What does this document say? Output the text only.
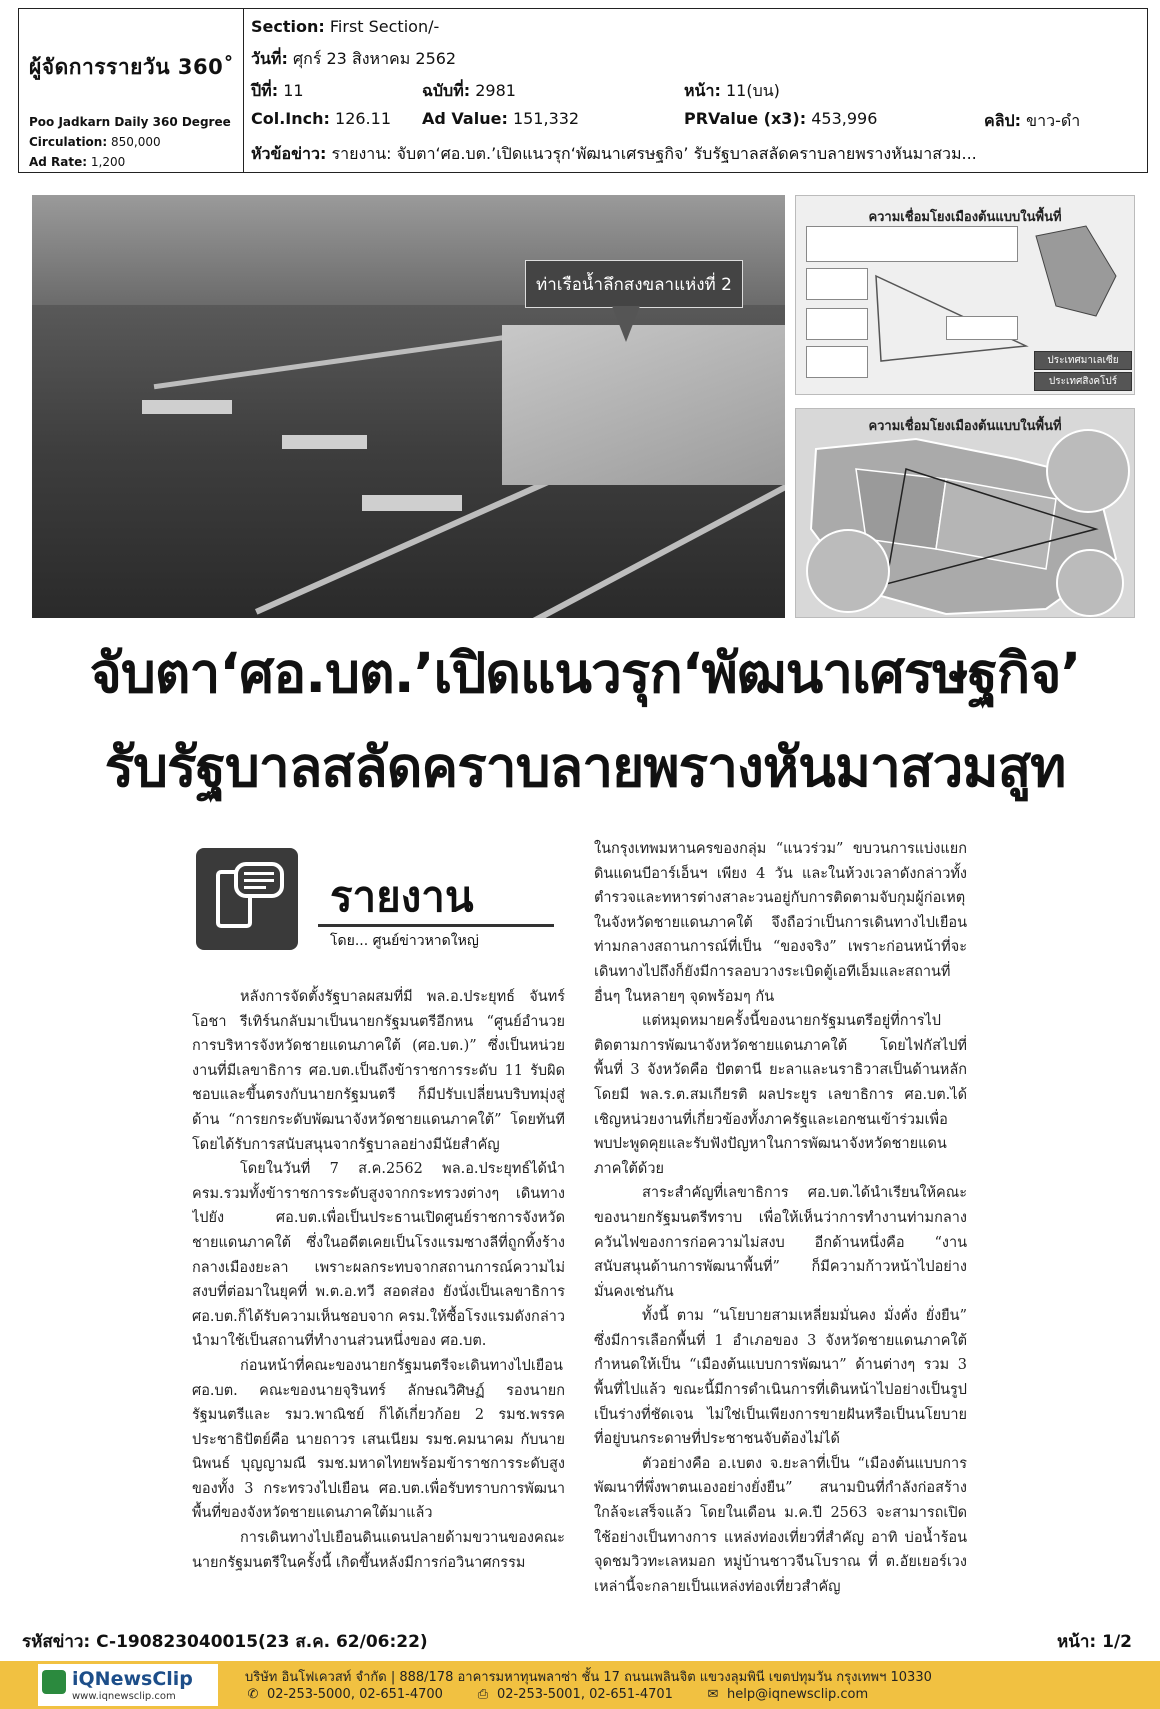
ผู้จัดการรายวัน 360˚
Poo Jadkarn Daily 360 Degree
Circulation: 850,000
Ad Rate: 1,200
Section: First Section/-
วันที่: ศุกร์ 23 สิงหาคม 2562
ปีที่: 11	ฉบับที่: 2981	หน้า: 11(บน)
Col.Inch: 126.11 Ad Value: 151,332	PRValue (x3): 453,996	คลิป: ขาว-ดำ
หัวข้อข่าว: รายงาน: จับตา‘ศอ.บต.’เปิดแนวรุก‘พัฒนาเศรษฐกิจ’ รับรัฐบาลสลัดคราบลายพรางหันมาสวม...
ท่าเรือน้ำลึกสงขลาแห่งที่ 2
ความเชื่อมโยงเมืองต้นแบบในพื้นที่
ประเทศมาเลเซีย
ประเทศสิงคโปร์
ความเชื่อมโยงเมืองต้นแบบในพื้นที่
จับตา‘ศอ.บต.’เปิดแนวรุก‘พัฒนาเศรษฐกิจ’
รับรัฐบาลสลัดคราบลายพรางหันมาสวมสูท
รายงาน
โดย... ศูนย์ข่าวหาดใหญ่

หลังการจัดตั้งรัฐบาลผสมที่มี พล.อ.ประยุทธ์ จันทร์โอชา รีเทิร์นกลับมาเป็นนายกรัฐมนตรีอีกหน “ศูนย์อำนวยการบริหารจังหวัดชายแดนภาคใต้ (ศอ.บต.)” ซึ่งเป็นหน่วยงานที่มีเลขาธิการ ศอ.บต.เป็นถึงข้าราชการระดับ 11 รับผิดชอบและขึ้นตรงกับนายกรัฐมนตรี ก็มีปรับเปลี่ยนบริบทมุ่งสู่ด้าน “การยกระดับพัฒนาจังหวัดชายแดนภาคใต้” โดยทันทีโดยได้รับการสนับสนุนจากรัฐบาลอย่างมีนัยสำคัญ

โดยในวันที่ 7 ส.ค.2562 พล.อ.ประยุทธ์ได้นำ ครม.รวมทั้งข้าราชการระดับสูงจากกระทรวงต่างๆ เดินทางไปยัง ศอ.บต.เพื่อเป็นประธานเปิดศูนย์ราชการจังหวัดชายแดนภาคใต้ ซึ่งในอดีตเคยเป็นโรงแรมซางลีที่ถูกทิ้งร้างกลางเมืองยะลา เพราะผลกระทบจากสถานการณ์ความไม่สงบที่ต่อมาในยุคที่ พ.ต.อ.ทวี สอดส่อง ยังนั่งเป็นเลขาธิการ ศอ.บต.ก็ได้รับความเห็นชอบจาก ครม.ให้ซื้อโรงแรมดังกล่าวนำมาใช้เป็นสถานที่ทำงานส่วนหนึ่งของ ศอ.บต.

ก่อนหน้าที่คณะของนายกรัฐมนตรีจะเดินทางไปเยือน ศอ.บต. คณะของนายจุรินทร์ ลักษณวิศิษฏ์ รองนายกรัฐมนตรีและ รมว.พาณิชย์ ก็ได้เกี่ยวก้อย 2 รมช.พรรคประชาธิปัตย์คือ นายถาวร เสนเนียม รมช.คมนาคม กับนายนิพนธ์ บุญญามณี รมช.มหาดไทยพร้อมข้าราชการระดับสูงของทั้ง 3 กระทรวงไปเยือน ศอ.บต.เพื่อรับทราบการพัฒนาพื้นที่ของจังหวัดชายแดนภาคใต้มาแล้ว

การเดินทางไปเยือนดินแดนปลายด้ามขวานของคณะนายกรัฐมนตรีในครั้งนี้ เกิดขึ้นหลังมีการก่อวินาศกรรม

ในกรุงเทพมหานครของกลุ่ม “แนวร่วม” ขบวนการแบ่งแยกดินแดนบีอาร์เอ็นฯ เพียง 4 วัน และในห้วงเวลาดังกล่าวทั้งตำรวจและทหารต่างสาละวนอยู่กับการติดตามจับกุมผู้ก่อเหตุในจังหวัดชายแดนภาคใต้ จึงถือว่าเป็นการเดินทางไปเยือนท่ามกลางสถานการณ์ที่เป็น “ของจริง” เพราะก่อนหน้าที่จะเดินทางไปถึงก็ยังมีการลอบวางระเบิดตู้เอทีเอ็มและสถานที่อื่นๆ ในหลายๆ จุดพร้อมๆ กัน

แต่หมุดหมายครั้งนี้ของนายกรัฐมนตรีอยู่ที่การไปติดตามการพัฒนาจังหวัดชายแดนภาคใต้ โดยไฟกัสไปที่พื้นที่ 3 จังหวัดคือ ปัตตานี ยะลาและนราธิวาสเป็นด้านหลัก โดยมี พล.ร.ต.สมเกียรติ ผลประยูร เลขาธิการ ศอ.บต.ได้เชิญหน่วยงานที่เกี่ยวข้องทั้งภาครัฐและเอกชนเข้าร่วมเพื่อพบปะพูดคุยและรับฟังปัญหาในการพัฒนาจังหวัดชายแดนภาคใต้ด้วย

สาระสำคัญที่เลขาธิการ ศอ.บต.ได้นำเรียนให้คณะของนายกรัฐมนตรีทราบ เพื่อให้เห็นว่าการทำงานท่ามกลางควันไฟของการก่อความไม่สงบ อีกด้านหนึ่งคือ “งานสนับสนุนด้านการพัฒนาพื้นที่” ก็มีความก้าวหน้าไปอย่างมั่นคงเช่นกัน

ทั้งนี้ ตาม “นโยบายสามเหลี่ยมมั่นคง มั่งคั่ง ยั่งยืน” ซึ่งมีการเลือกพื้นที่ 1 อำเภอของ 3 จังหวัดชายแดนภาคใต้กำหนดให้เป็น “เมืองต้นแบบการพัฒนา” ด้านต่างๆ รวม 3 พื้นที่ไปแล้ว ขณะนี้มีการดำเนินการที่เดินหน้าไปอย่างเป็นรูปเป็นร่างที่ชัดเจน ไม่ใช่เป็นเพียงการขายฝันหรือเป็นนโยบายที่อยู่บนกระดาษที่ประชาชนจับต้องไม่ได้

ตัวอย่างคือ อ.เบตง จ.ยะลาที่เป็น “เมืองต้นแบบการพัฒนาที่พึ่งพาตนเองอย่างยั่งยืน” สนามบินที่กำลังก่อสร้างใกล้จะเสร็จแล้ว โดยในเดือน ม.ค.ปี 2563 จะสามารถเปิดใช้อย่างเป็นทางการ แหล่งท่องเที่ยวที่สำคัญ อาทิ บ่อน้ำร้อนจุดชมวิวทะเลหมอก หมู่บ้านชาวจีนโบราณ ที่ ต.อัยเยอร์เวง เหล่านี้จะกลายเป็นแหล่งท่องเที่ยวสำคัญ

รหัสข่าว: C-190823040015(23 ส.ค. 62/06:22)	หน้า: 1/2
iQNewsClip
www.iqnewsclip.com
บริษัท อินโฟเควสท์ จำกัด | 888/178 อาคารมหาทุนพลาซ่า ชั้น 17 ถนนเพลินจิต แขวงลุมพินี เขตปทุมวัน กรุงเทพฯ 10330
✆ 02-253-5000, 02-651-4700	⎙ 02-253-5001, 02-651-4701	✉ help@iqnewsclip.com
